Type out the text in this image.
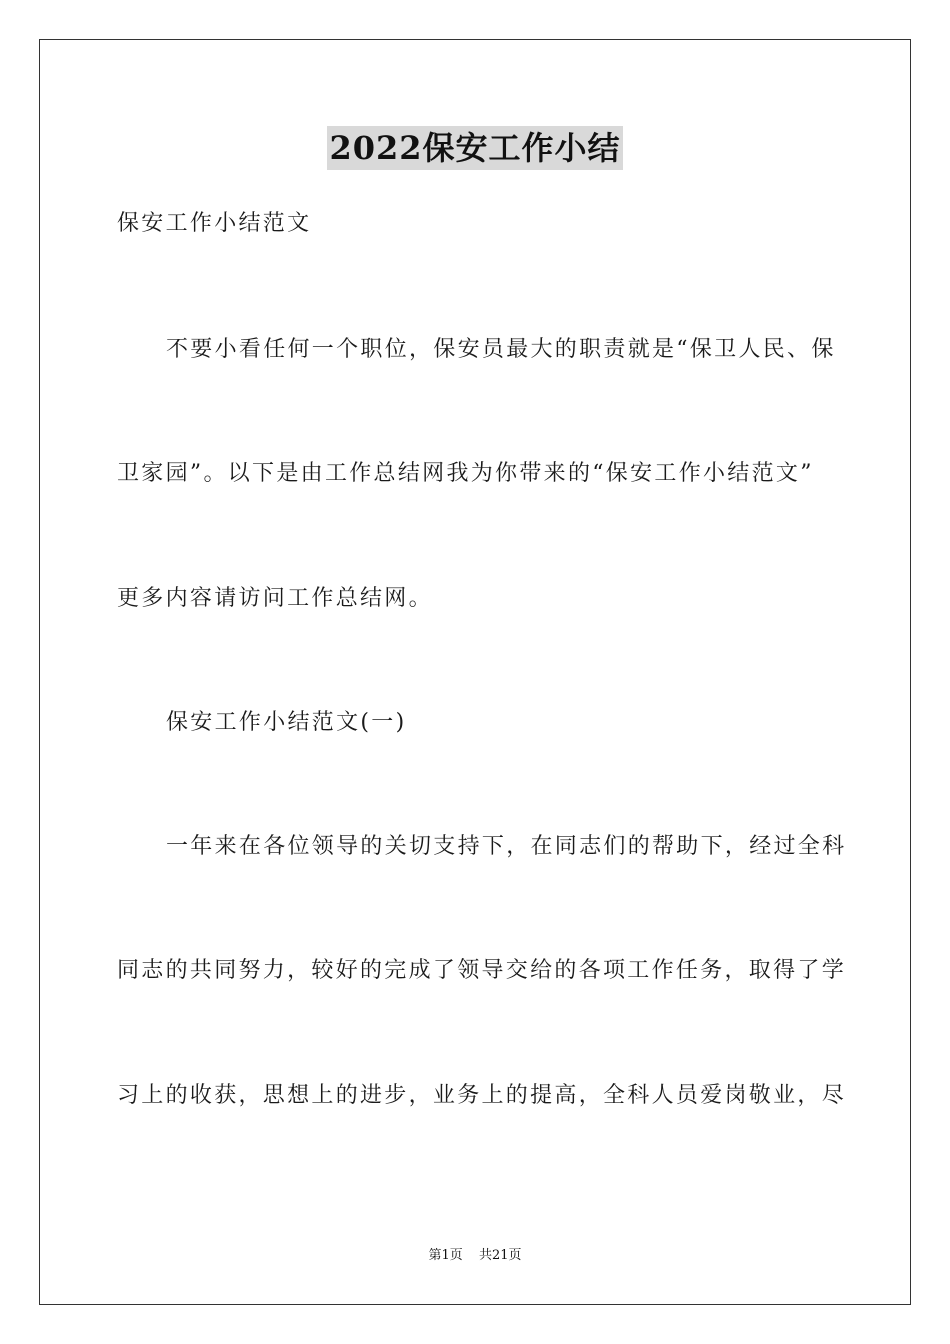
2022保安工作小结
保安工作小结范文
不要小看任何一个职位，保安员最大的职责就是“保卫人民、保
卫家园”。以下是由工作总结网我为你带来的“保安工作小结范文”
更多内容请访问工作总结网。
保安工作小结范文(一)
一年来在各位领导的关切支持下，在同志们的帮助下，经过全科
同志的共同努力，较好的完成了领导交给的各项工作任务，取得了学
习上的收获，思想上的进步，业务上的提高，全科人员爱岗敬业，尽
第1页 共21页
